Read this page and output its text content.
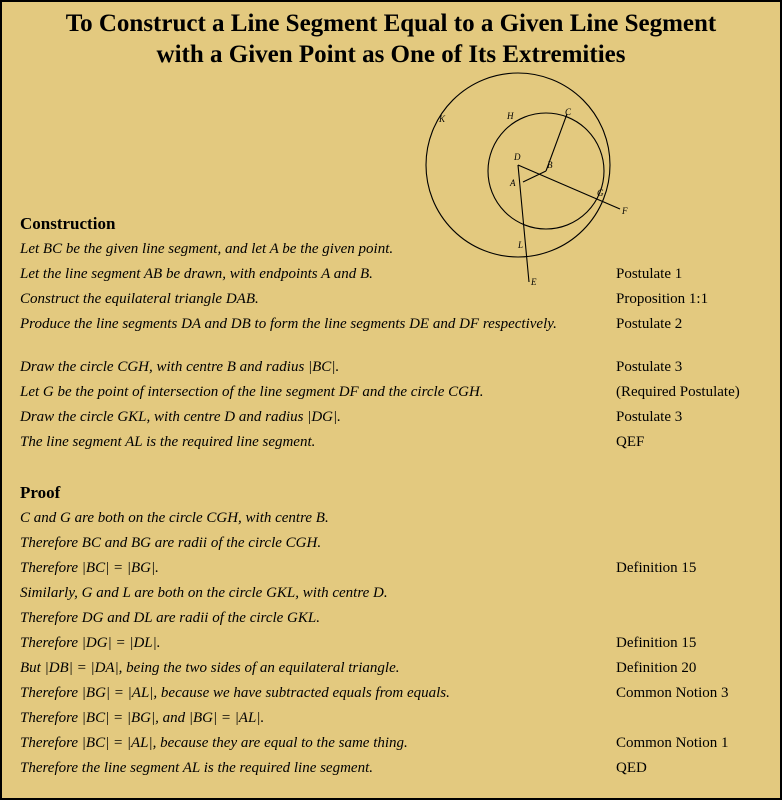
To Construct a Line Segment Equal to a Given Line Segment
with a Given Point as One of Its Extremities
K	H	C
D
B
A
G
F
L
E
Construction
Let BC be the given line segment, and let A be the given point.
Let the line segment AB be drawn, with endpoints A and B.	Postulate 1
Construct the equilateral triangle DAB.	Proposition 1:1
Produce the line segments DA and DB to form the line segments DE and DF respectively.	Postulate 2
Draw the circle CGH, with centre B and radius |BC|.	Postulate 3
Let G be the point of intersection of the line segment DF and the circle CGH.	(Required Postulate)
Draw the circle GKL, with centre D and radius |DG|.	Postulate 3
The line segment AL is the required line segment.	QEF
Proof
C and G are both on the circle CGH, with centre B.
Therefore BC and BG are radii of the circle CGH.
Therefore |BC| = |BG|.	Definition 15
Similarly, G and L are both on the circle GKL, with centre D.
Therefore DG and DL are radii of the circle GKL.
Therefore |DG| = |DL|.	Definition 15
But |DB| = |DA|, being the two sides of an equilateral triangle.	Definition 20
Therefore |BG| = |AL|, because we have subtracted equals from equals.	Common Notion 3
Therefore |BC| = |BG|, and |BG| = |AL|.
Therefore |BC| = |AL|, because they are equal to the same thing.	Common Notion 1
Therefore the line segment AL is the required line segment.	QED
